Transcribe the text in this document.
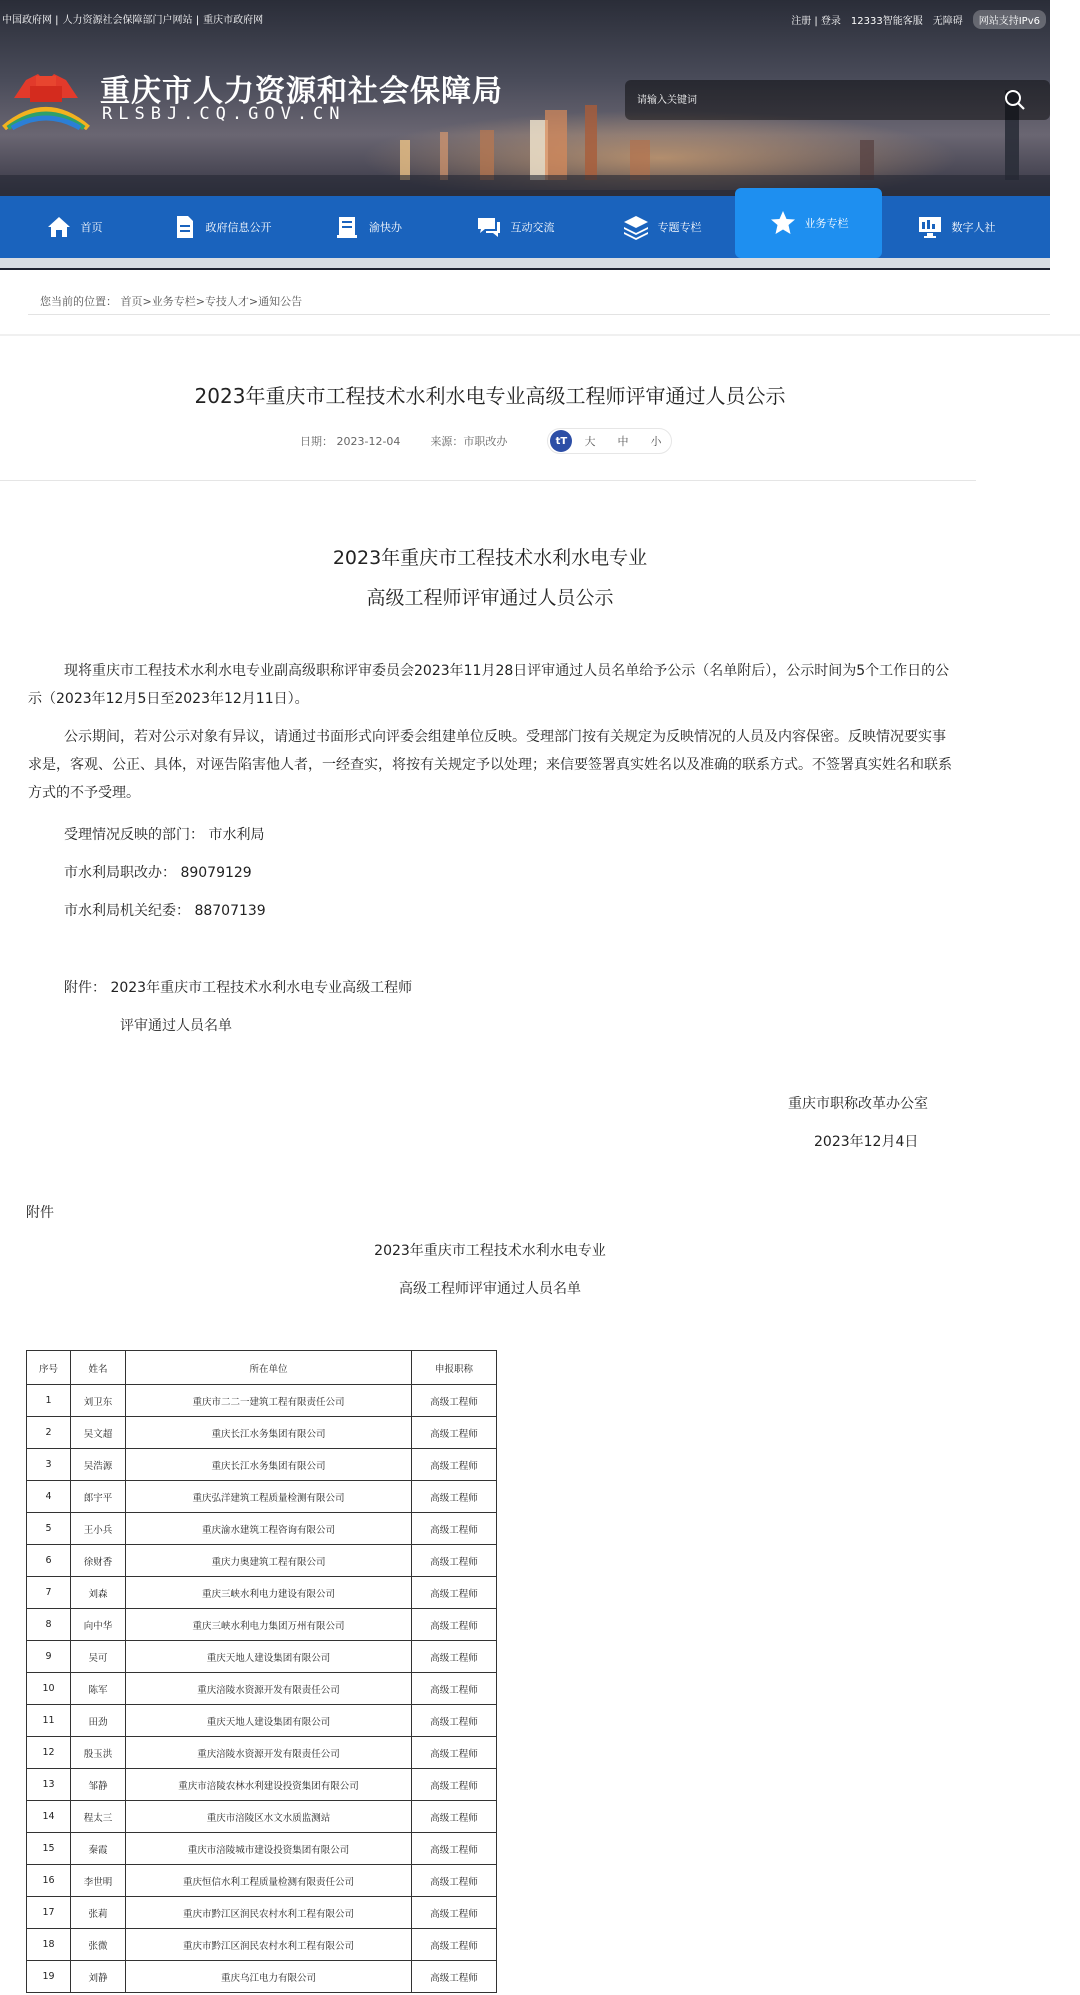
中国政府网 | 人力资源社会保障部门户网站 | 重庆市政府网	注册 | 登录 12333智能客服 无障碍	网站支持IPv6
重庆市人力资源和社会保障局
RLSBJ.CQ.GOV.CN
请输入关键词
首页	政府信息公开	渝快办	互动交流	专题专栏	业务专栏	数字人社
您当前的位置： 首页>业务专栏>专技人才>通知公告
2023年重庆市工程技术水利水电专业高级工程师评审通过人员公示
日期： 2023-12-04	来源：市职改办	tT	大 中 小
2023年重庆市工程技术水利水电专业
高级工程师评审通过人员公示
现将重庆市工程技术水利水电专业副高级职称评审委员会2023年11月28日评审通过人员名单给予公示（名单附后），公示时间为5个工作日的公示（2023年12月5日至2023年12月11日）。
公示期间，若对公示对象有异议，请通过书面形式向评委会组建单位反映。受理部门按有关规定为反映情况的人员及内容保密。反映情况要实事求是，客观、公正、具体，对诬告陷害他人者，一经查实，将按有关规定予以处理；来信要签署真实姓名以及准确的联系方式。不签署真实姓名和联系方式的不予受理。
受理情况反映的部门： 市水利局
市水利局职改办： 89079129
市水利局机关纪委： 88707139
附件： 2023年重庆市工程技术水利水电专业高级工程师
评审通过人员名单
重庆市职称改革办公室
2023年12月4日
附件
2023年重庆市工程技术水利水电专业
高级工程师评审通过人员名单
序号	姓名	所在单位	申报职称
1	刘卫东	重庆市二二一建筑工程有限责任公司	高级工程师
2	吴文超	重庆长江水务集团有限公司	高级工程师
3	吴浩源	重庆长江水务集团有限公司	高级工程师
4	郎宇平	重庆弘洋建筑工程质量检测有限公司	高级工程师
5	王小兵	重庆渝水建筑工程咨询有限公司	高级工程师
6	徐财香	重庆力奥建筑工程有限公司	高级工程师
7	刘森	重庆三峡水利电力建设有限公司	高级工程师
8	向中华	重庆三峡水利电力集团万州有限公司	高级工程师
9	吴可	重庆天地人建设集团有限公司	高级工程师
10	陈军	重庆涪陵水资源开发有限责任公司	高级工程师
11	田劲	重庆天地人建设集团有限公司	高级工程师
12	殷玉洪	重庆涪陵水资源开发有限责任公司	高级工程师
13	邹静	重庆市涪陵农林水利建设投资集团有限公司	高级工程师
14	程太三	重庆市涪陵区水文水质监测站	高级工程师
15	秦霞	重庆市涪陵城市建设投资集团有限公司	高级工程师
16	李世明	重庆恒信水利工程质量检测有限责任公司	高级工程师
17	张莉	重庆市黔江区润民农村水利工程有限公司	高级工程师
18	张微	重庆市黔江区润民农村水利工程有限公司	高级工程师
19	刘静	重庆乌江电力有限公司	高级工程师
